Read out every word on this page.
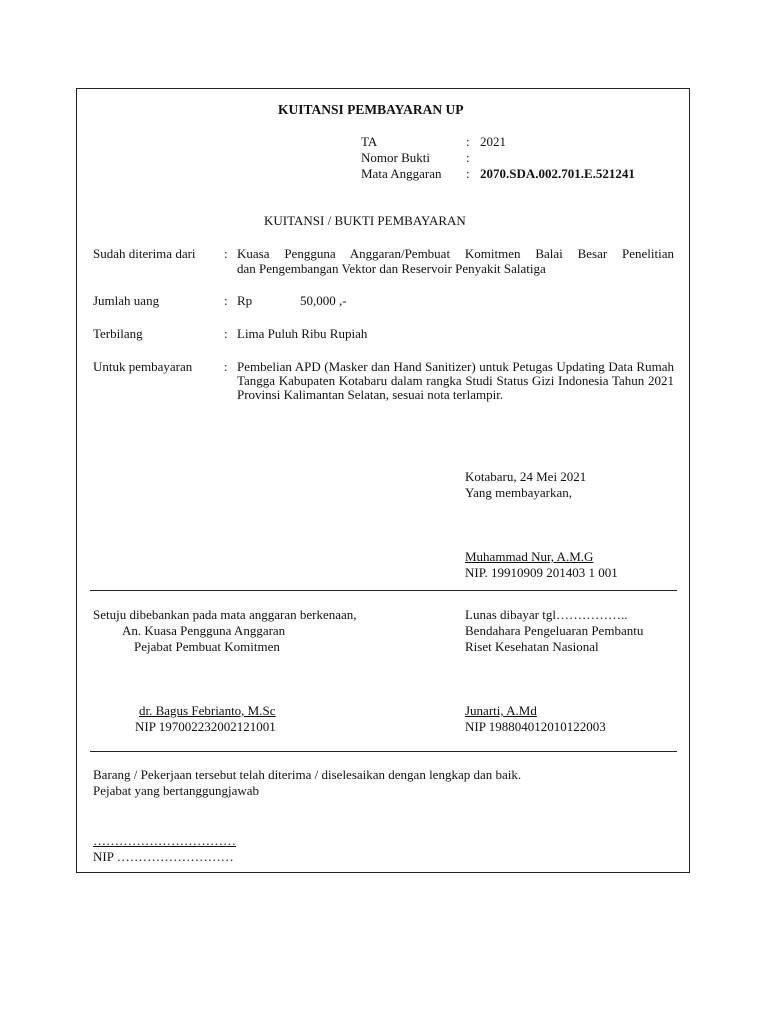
KUITANSI PEMBAYARAN UP
TA	: 2021
Nomor Bukti	:
Mata Anggaran : 2070.SDA.002.701.E.521241
KUITANSI / BUKTI PEMBAYARAN
Sudah diterima dari : Kuasa Pengguna Anggaran/Pembuat Komitmen Balai Besar Penelitian
dan Pengembangan Vektor dan Reservoir Penyakit Salatiga
Jumlah uang	: Rp	50,000 ,-
Terbilang	: Lima Puluh Ribu Rupiah
Untuk pembayaran : Pembelian APD (Masker dan Hand Sanitizer) untuk Petugas Updating Data Rumah Tangga Kabupaten Kotabaru dalam rangka Studi Status Gizi Indonesia Tahun 2021 Provinsi Kalimantan Selatan, sesuai nota terlampir.
Kotabaru, 24 Mei 2021
Yang membayarkan,
Muhammad Nur, A.M.G
NIP. 19910909 201403 1 001
Setuju dibebankan pada mata anggaran berkenaan,
An. Kuasa Pengguna Anggaran
Pejabat Pembuat Komitmen
dr. Bagus Febrianto, M.Sc
NIP 197002232002121001
Lunas dibayar tgl……………..
Bendahara Pengeluaran Pembantu
Riset Kesehatan Nasional
Junarti, A.Md
NIP 198804012010122003
Barang / Pekerjaan tersebut telah diterima / diselesaikan dengan lengkap dan baik.
Pejabat yang bertanggungjawab
……………………………
NIP ………………………
